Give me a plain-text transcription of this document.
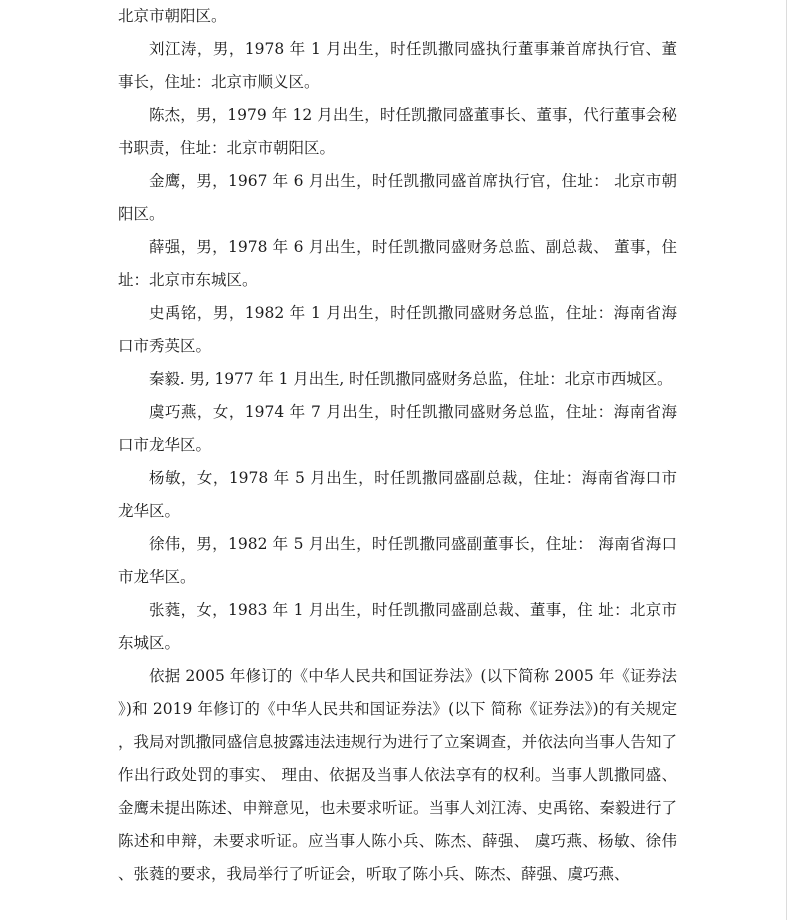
北京市朝阳区。

刘江涛，男，1978 年 1 月出生，时任凯撒同盛执行董事兼首席执行官、董事长，住址：北京市顺义区。

陈杰，男，1979 年 12 月出生，时任凯撒同盛董事长、董事，代行董事会秘书职责，住址：北京市朝阳区。

金鹰，男，1967 年 6 月出生，时任凯撒同盛首席执行官，住址： 北京市朝阳区。

薛强，男，1978 年 6 月出生，时任凯撒同盛财务总监、副总裁、 董事，住址：北京市东城区。

史禹铭，男，1982 年 1 月出生，时任凯撒同盛财务总监，住址：海南省海口市秀英区。

秦毅. 男, 1977 年 1 月出生, 时任凯撒同盛财务总监，住址：北京市西城区。

虞巧燕，女，1974 年 7 月出生，时任凯撒同盛财务总监，住址：海南省海口市龙华区。

杨敏，女，1978 年 5 月出生，时任凯撒同盛副总裁，住址：海南省海口市龙华区。

徐伟，男，1982 年 5 月出生，时任凯撒同盛副董事长，住址： 海南省海口市龙华区。

张蕤，女，1983 年 1 月出生，时任凯撒同盛副总裁、董事，住 址：北京市东城区。

依据 2005 年修订的《中华人民共和国证券法》(以下简称 2005 年《证券法》)和 2019 年修订的《中华人民共和国证券法》(以下 简称《证券法》)的有关规定，我局对凯撒同盛信息披露违法违规行为进行了立案调查，并依法向当事人告知了作出行政处罚的事实、 理由、依据及当事人依法享有的权利。当事人凯撒同盛、金鹰未提出陈述、申辩意见，也未要求听证。当事人刘江涛、史禹铭、秦毅进行了陈述和申辩，未要求听证。应当事人陈小兵、陈杰、薛强、 虞巧燕、杨敏、徐伟、张蕤的要求，我局举行了听证会，听取了陈小兵、陈杰、薛强、虞巧燕、
